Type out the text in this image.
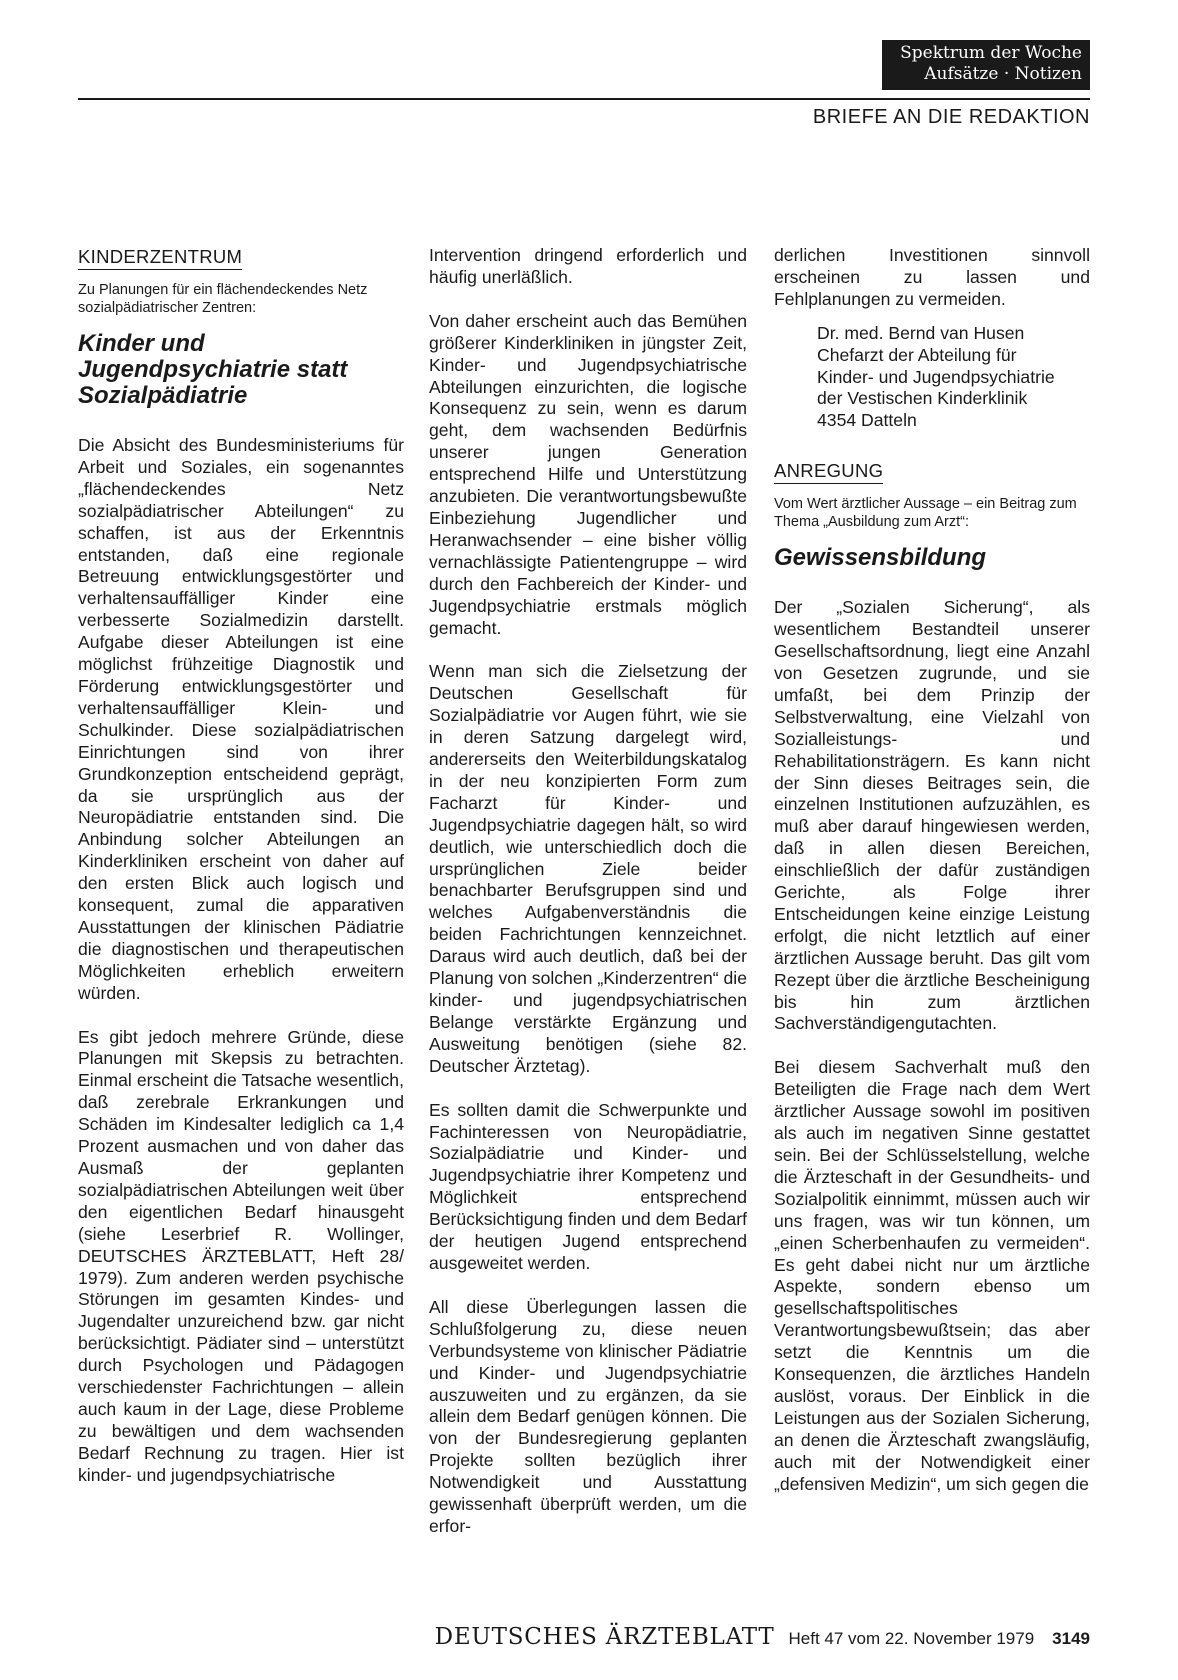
Spektrum der Woche
Aufsätze · Notizen
BRIEFE AN DIE REDAKTION
KINDERZENTRUM

Zu Planungen für ein flächendeckendes Netz sozialpädiatrischer Zentren:

Kinder und Jugendpsychiatrie statt Sozialpädiatrie

Die Absicht des Bundesministeriums für Arbeit und Soziales, ein sogenanntes „flächendeckendes Netz sozialpädiatrischer Abteilungen“ zu schaffen, ist aus der Erkenntnis entstanden, daß eine regionale Betreuung entwicklungsgestörter und verhaltensauffälliger Kinder eine verbesserte Sozialmedizin darstellt. Aufgabe dieser Abteilungen ist eine möglichst frühzeitige Diagnostik und Förderung entwicklungsgestörter und verhaltensauffälliger Klein- und Schulkinder. Diese sozialpädiatrischen Einrichtungen sind von ihrer Grundkonzeption entscheidend geprägt, da sie ursprünglich aus der Neuropädiatrie entstanden sind. Die Anbindung solcher Abteilungen an Kinderkliniken erscheint von daher auf den ersten Blick auch logisch und konsequent, zumal die apparativen Ausstattungen der klinischen Pädiatrie die diagnostischen und therapeutischen Möglichkeiten erheblich erweitern würden.

Es gibt jedoch mehrere Gründe, diese Planungen mit Skepsis zu betrachten. Einmal erscheint die Tatsache wesentlich, daß zerebrale Erkrankungen und Schäden im Kindesalter lediglich ca 1,4 Prozent ausmachen und von daher das Ausmaß der geplanten sozialpädiatrischen Abteilungen weit über den eigentlichen Bedarf hinausgeht (siehe Leserbrief R. Wollinger, DEUTSCHES ÄRZTEBLATT, Heft 28/ 1979). Zum anderen werden psychische Störungen im gesamten Kindes- und Jugendalter unzureichend bzw. gar nicht berücksichtigt. Pädiater sind – unterstützt durch Psychologen und Pädagogen verschiedenster Fachrichtungen – allein auch kaum in der Lage, diese Probleme zu bewältigen und dem wachsenden Bedarf Rechnung zu tragen. Hier ist kinder- und jugendpsychiatrische

Intervention dringend erforderlich und häufig unerläßlich.

Von daher erscheint auch das Bemühen größerer Kinderkliniken in jüngster Zeit, Kinder- und Jugendpsychiatrische Abteilungen einzurichten, die logische Konsequenz zu sein, wenn es darum geht, dem wachsenden Bedürfnis unserer jungen Generation entsprechend Hilfe und Unterstützung anzubieten. Die verantwortungsbewußte Einbeziehung Jugendlicher und Heranwachsender – eine bisher völlig vernachlässigte Patientengruppe – wird durch den Fachbereich der Kinder- und Jugendpsychiatrie erstmals möglich gemacht.

Wenn man sich die Zielsetzung der Deutschen Gesellschaft für Sozialpädiatrie vor Augen führt, wie sie in deren Satzung dargelegt wird, andererseits den Weiterbildungskatalog in der neu konzipierten Form zum Facharzt für Kinder- und Jugendpsychiatrie dagegen hält, so wird deutlich, wie unterschiedlich doch die ursprünglichen Ziele beider benachbarter Berufsgruppen sind und welches Aufgabenverständnis die beiden Fachrichtungen kennzeichnet. Daraus wird auch deutlich, daß bei der Planung von solchen „Kinderzentren“ die kinder- und jugendpsychiatrischen Belange verstärkte Ergänzung und Ausweitung benötigen (siehe 82. Deutscher Ärztetag).

Es sollten damit die Schwerpunkte und Fachinteressen von Neuropädiatrie, Sozialpädiatrie und Kinder- und Jugendpsychiatrie ihrer Kompetenz und Möglichkeit entsprechend Berücksichtigung finden und dem Bedarf der heutigen Jugend entsprechend ausgeweitet werden.

All diese Überlegungen lassen die Schlußfolgerung zu, diese neuen Verbundsysteme von klinischer Pädiatrie und Kinder- und Jugendpsychiatrie auszuweiten und zu ergänzen, da sie allein dem Bedarf genügen können. Die von der Bundesregierung geplanten Projekte sollten bezüglich ihrer Notwendigkeit und Ausstattung gewissenhaft überprüft werden, um die erfor-

derlichen Investitionen sinnvoll erscheinen zu lassen und Fehlplanungen zu vermeiden.

Dr. med. Bernd van Husen
Chefarzt der Abteilung für
Kinder- und Jugendpsychiatrie
der Vestischen Kinderklinik
4354 Datteln
ANREGUNG

Vom Wert ärztlicher Aussage – ein Beitrag zum Thema „Ausbildung zum Arzt“:

Gewissensbildung

Der „Sozialen Sicherung“, als wesentlichem Bestandteil unserer Gesellschaftsordnung, liegt eine Anzahl von Gesetzen zugrunde, und sie umfaßt, bei dem Prinzip der Selbstverwaltung, eine Vielzahl von Sozialleistungs- und Rehabilitationsträgern. Es kann nicht der Sinn dieses Beitrages sein, die einzelnen Institutionen aufzuzählen, es muß aber darauf hingewiesen werden, daß in allen diesen Bereichen, einschließlich der dafür zuständigen Gerichte, als Folge ihrer Entscheidungen keine einzige Leistung erfolgt, die nicht letztlich auf einer ärztlichen Aussage beruht. Das gilt vom Rezept über die ärztliche Bescheinigung bis hin zum ärztlichen Sachverständigengutachten.

Bei diesem Sachverhalt muß den Beteiligten die Frage nach dem Wert ärztlicher Aussage sowohl im positiven als auch im negativen Sinne gestattet sein. Bei der Schlüsselstellung, welche die Ärzteschaft in der Gesundheits- und Sozialpolitik einnimmt, müssen auch wir uns fragen, was wir tun können, um „einen Scherbenhaufen zu vermeiden“. Es geht dabei nicht nur um ärztliche Aspekte, sondern ebenso um gesellschaftspolitisches Verantwortungsbewußtsein; das aber setzt die Kenntnis um die Konsequenzen, die ärztliches Handeln auslöst, voraus. Der Einblick in die Leistungen aus der Sozialen Sicherung, an denen die Ärzteschaft zwangsläufig, auch mit der Notwendigkeit einer „defensiven Medizin“, um sich gegen die

DEUTSCHES ÄRZTEBLATT Heft 47 vom 22. November 1979 3149
